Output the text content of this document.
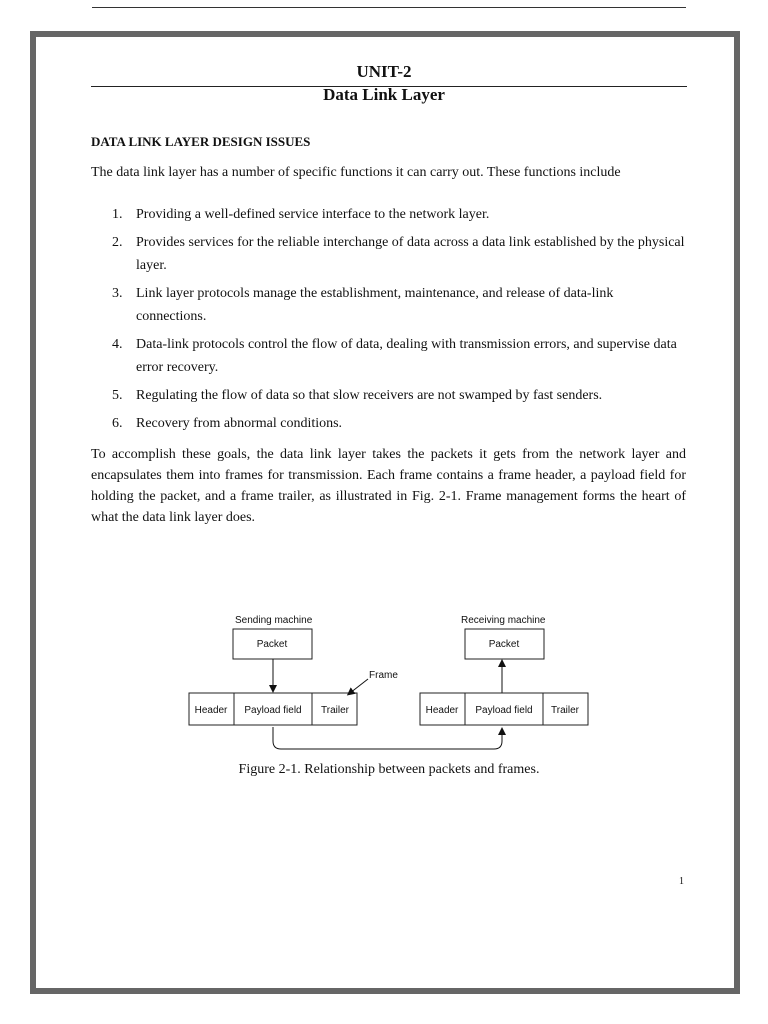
UNIT-2
Data Link Layer
DATA LINK LAYER DESIGN ISSUES
The data link layer has a number of specific functions it can carry out. These functions include
1. Providing a well-defined service interface to the network layer.
2. Provides services for the reliable interchange of data across a data link established by the physical layer.
3. Link layer protocols manage the establishment, maintenance, and release of data-link connections.
4. Data-link protocols control the flow of data, dealing with transmission errors, and supervise data error recovery.
5. Regulating the flow of data so that slow receivers are not swamped by fast senders.
6. Recovery from abnormal conditions.

To accomplish these goals, the data link layer takes the packets it gets from the network layer and encapsulates them into frames for transmission. Each frame contains a frame header, a payload field for holding the packet, and a frame trailer, as illustrated in Fig. 2-1. Frame management forms the heart of what the data link layer does.

Sending machine
Packet
Header Payload field Trailer
Frame
Receiving machine
Packet
Header Payload field Trailer
Figure 2-1. Relationship between packets and frames.
1
